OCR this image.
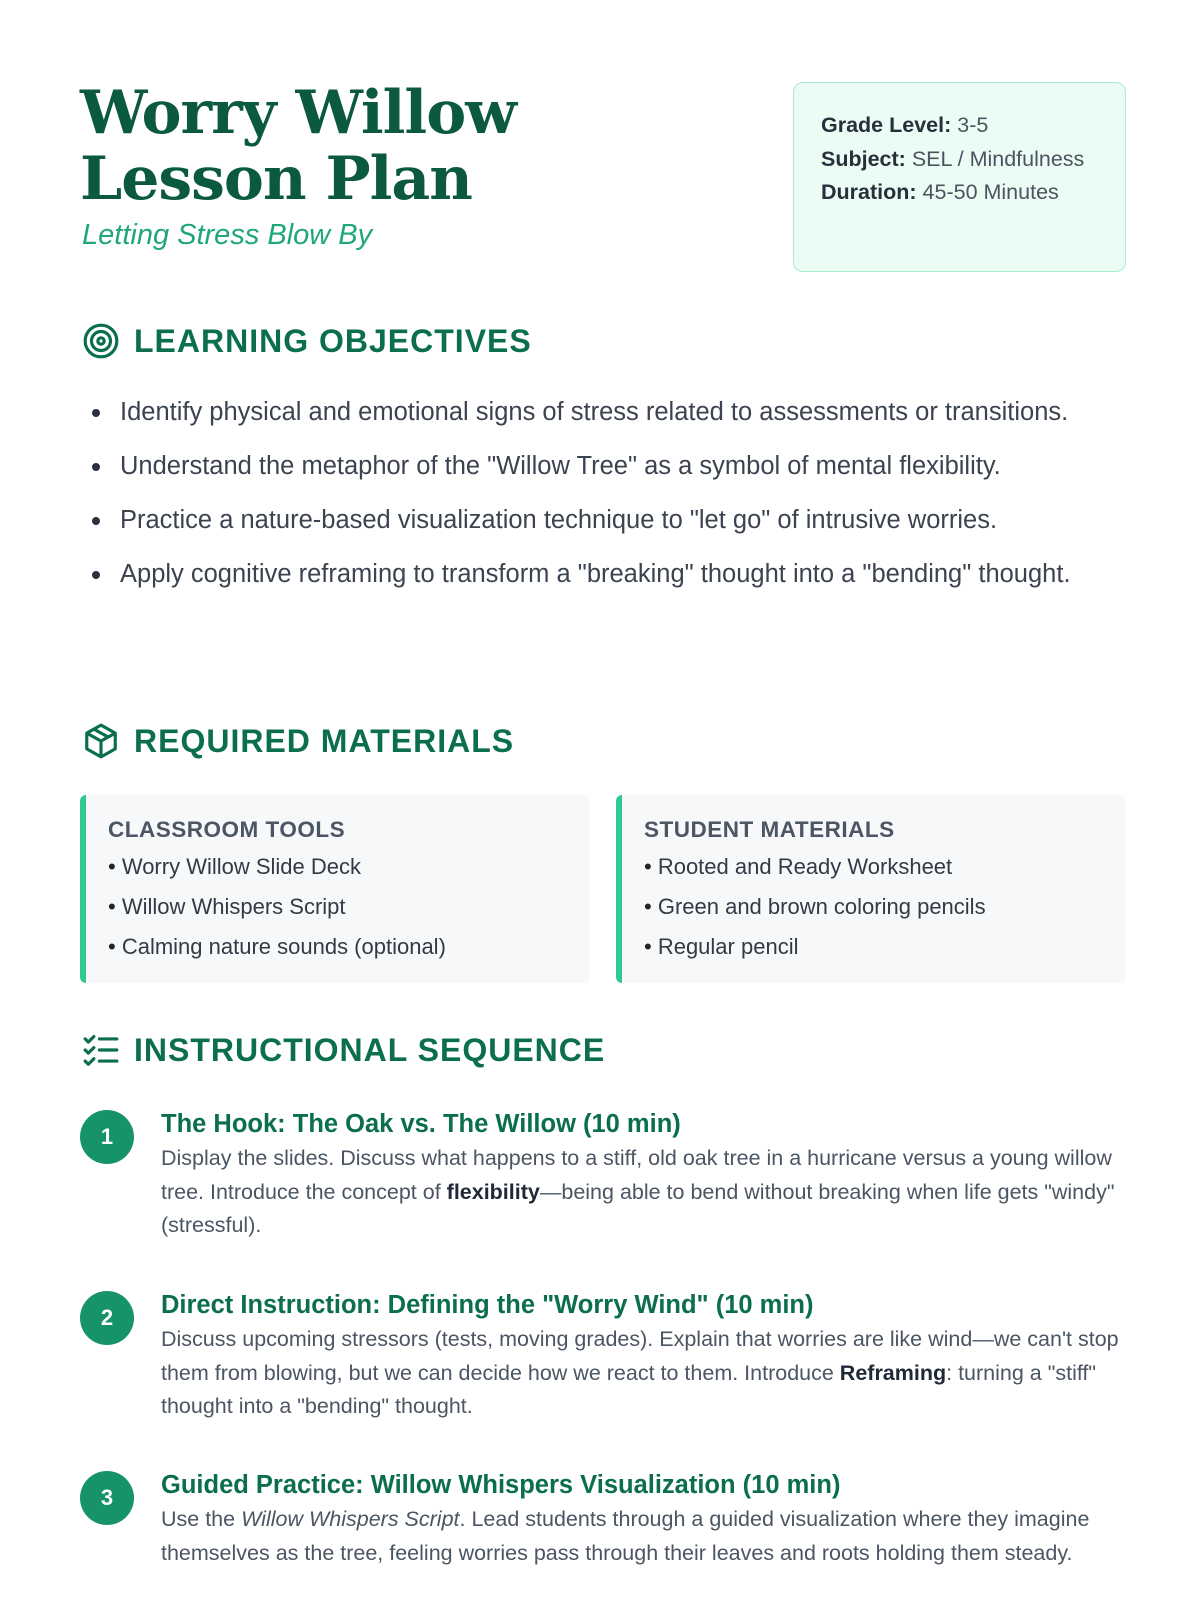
Worry Willow Lesson Plan
Letting Stress Blow By
Grade Level: 3-5
Subject: SEL / Mindfulness
Duration: 45-50 Minutes
LEARNING OBJECTIVES
Identify physical and emotional signs of stress related to assessments or transitions.
Understand the metaphor of the "Willow Tree" as a symbol of mental flexibility.
Practice a nature-based visualization technique to "let go" of intrusive worries.
Apply cognitive reframing to transform a "breaking" thought into a "bending" thought.
REQUIRED MATERIALS
CLASSROOM TOOLS
• Worry Willow Slide Deck
• Willow Whispers Script
• Calming nature sounds (optional)
STUDENT MATERIALS
• Rooted and Ready Worksheet
• Green and brown coloring pencils
• Regular pencil
INSTRUCTIONAL SEQUENCE
1	The Hook: The Oak vs. The Willow (10 min)
Display the slides. Discuss what happens to a stiff, old oak tree in a hurricane versus a young willow tree. Introduce the concept of flexibility—being able to bend without breaking when life gets "windy" (stressful).
2	Direct Instruction: Defining the "Worry Wind" (10 min)
Discuss upcoming stressors (tests, moving grades). Explain that worries are like wind—we can't stop them from blowing, but we can decide how we react to them. Introduce Reframing: turning a "stiff" thought into a "bending" thought.
3	Guided Practice: Willow Whispers Visualization (10 min)
Use the Willow Whispers Script. Lead students through a guided visualization where they imagine themselves as the tree, feeling worries pass through their leaves and roots holding them steady.
